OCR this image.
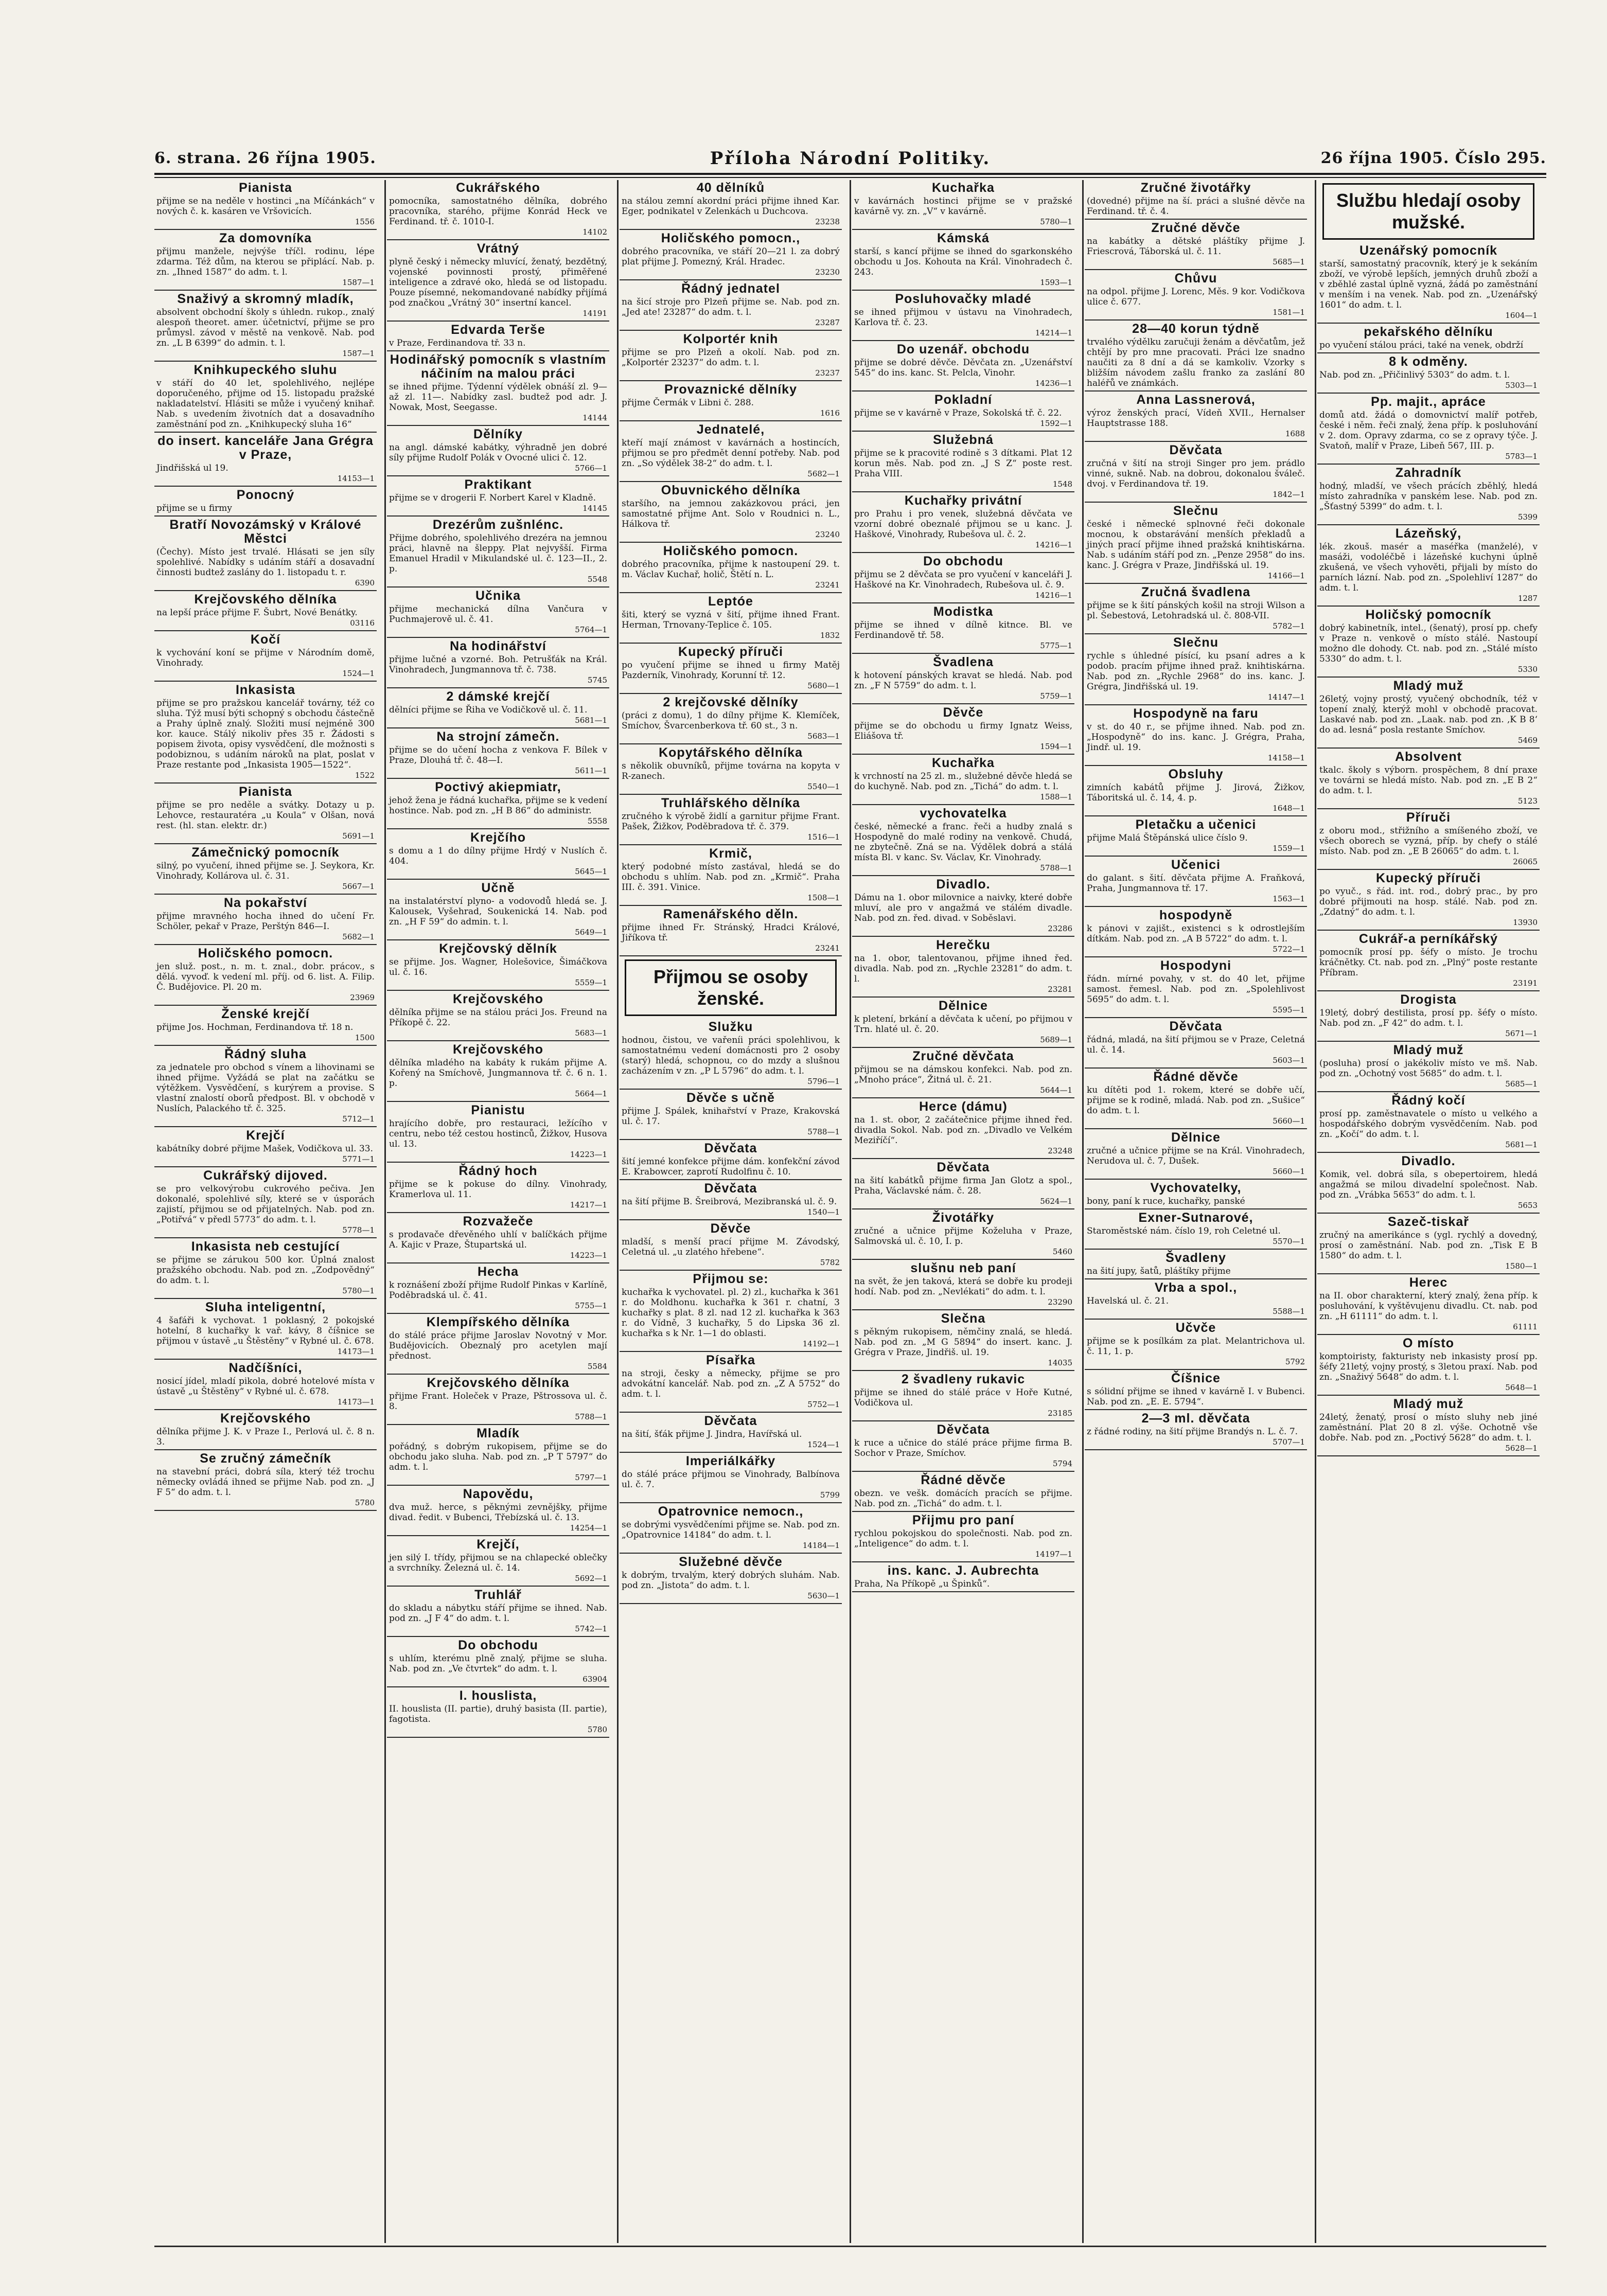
6. strana. 26 října 1905.	Příloha Národní Politiky.	26 října 1905. Číslo 295.
Pianista

přijme se na neděle v hostinci „na Míčánkách“ v nových č. k. kasáren ve Vršovicích.

1556
Za domovníka

přijmu manžele, nejvýše tříčl. rodinu, lépe zdarma. Též dům, na kterou se připlácí. Nab. p. zn. „Ihned 1587“ do adm. t. l.

1587—1
Snaživý a skromný mladík,

absolvent obchodní školy s úhledn. rukop., znalý alespoň theoret. amer. účetnictví, přijme se pro průmysl. závod v městě na venkově. Nab. pod zn. „L B 6399“ do admin. t. l.

1587—1
Knihkupeckého sluhu

v stáří do 40 let, spolehlivého, nejlépe doporučeného, přijme od 15. listopadu pražské nakladatelství. Hlásiti se může i vyučený knihař. Nab. s uvedením životních dat a dosavadního zaměstnání pod zn. „Knihkupecký sluha 16“

do insert. kanceláře Jana Grégra v Praze,

Jindřišská ul 19.

14153—1
Ponocný

přijme se u firmy

Bratří Novozámský v Králové Městci

(Čechy). Místo jest trvalé. Hlásati se jen síly spolehlivé. Nabídky s udáním stáří a dosavadní činnosti budtež zaslány do 1. listopadu t. r.

6390
Krejčovského dělníka

na lepší práce přijme F. Šubrt, Nové Benátky.

03116
Kočí

k vychování koní se přijme v Národním domě, Vinohrady.

1524—1
Inkasista

přijme se pro pražskou kancelář továrny, též co sluha. Týž musí býti schopný s obchodu částečně a Prahy úplně znalý. Složiti musí nejméně 300 kor. kauce. Stálý nikoliv přes 35 r. Žádosti s popisem života, opisy vysvědčení, dle možnosti s podobiznou, s udáním nároků na plat, poslat v Praze restante pod „Inkasista 1905—1522“.

1522
Pianista

přijme se pro neděle a svátky. Dotazy u p. Lehovce, restauratéra „u Koula“ v Olšan, nová rest. (hl. stan. elektr. dr.)

5691—1
Zámečnický pomocník

silný, po vyučení, ihned přijme se. J. Seykora, Kr. Vinohrady, Kollárova ul. č. 31.

5667—1
Na pokařství

přijme mravného hocha ihned do učení Fr. Schöler, pekař v Praze, Perštýn 846—I.

5682—1
Holičského pomocn.

jen služ. post., n. m. t. znal., dobr. prácov., s dělá. vyvoď. k vedení ml. příj. od 6. list. A. Filip. Č. Budějovice. Pl. 20 m.

23969
Ženské krejčí

přijme Jos. Hochman, Ferdinandova tř. 18 n.

1500
Řádný sluha

za jednatele pro obchod s vínem a lihovinami se ihned přijme. Vyžádá se plat na začátku se výtěžkem. Vysvědčení, s kurýrem a provise. S vlastní znalostí oborů předpost. Bl. v obchodě v Nuslích, Palackého tř. č. 325.

5712—1
Krejčí

kabátníky dobré přijme Mašek, Vodičkova ul. 33.

5771—1
Cukrářský dijoved.

se pro velkovýrobu cukrového pečiva. Jen dokonalé, spolehlivé síly, které se v úsporách zajistí, přijmou se od přijatelných. Nab. pod zn. „Potiřvá“ v předl 5773“ do adm. t. l.

5778—1
Inkasista neb cestující

se přijme se zárukou 500 kor. Úplná znalost pražského obchodu. Nab. pod zn. „Zodpovědný“ do adm. t. l.

5780—1
Sluha inteligentní,

4 šafáři k vychovat. 1 poklasný, 2 pokojské hotelní, 8 kuchařky k vař. kávy, 8 číšnice se přijmou v ústavě „u Štěstěny“ v Rybné ul. č. 678.

14173—1
Nadčíšníci,

nosicí jídel, mladí pikola, dobré hotelové místa v ústavě „u Štěstěny“ v Rybné ul. č. 678.

14173—1
Krejčovského

dělníka přijme J. K. v Praze I., Perlová ul. č. 8 n. 3.

Se zručný zámečník

na stavební práci, dobrá síla, který též trochu německy ovládá ihned se přijme Nab. pod zn. „J F 5“ do adm. t. l.

5780
Cukrářského

pomocníka, samostatného dělníka, dobrého pracovníka, starého, přijme Konrád Heck ve Ferdinand. tř. č. 1010-I.

14102
Vrátný

plyně český i německy mluvící, ženatý, bezdětný, vojenské povinnosti prostý, přiměřené inteligence a zdravé oko, hledá se od listopadu. Pouze písemné, nekomandované nabídky přijímá pod značkou „Vrátný 30“ insertní kancel.

14191
Edvarda Terše

v Praze, Ferdinandova tř. 33 n.

Hodinářský pomocník s vlastním náčiním na malou práci

se ihned přijme. Týdenní výdělek obnáší zl. 9— až zl. 11—. Nabídky zasl. budtež pod adr. J. Nowak, Most, Seegasse.

14144
Dělníky

na angl. dámské kabátky, výhradně jen dobré síly přijme Rudolf Polák v Ovocné ulici č. 12.

5766—1
Praktikant

přijme se v drogerii F. Norbert Karel v Kladně.

14145
Drezérům zušnlénc.

Přijme dobrého, spolehlivého drezéra na jemnou práci, hlavně na šleppy. Plat nejvyšší. Firma Emanuel Hradil v Mikulandské ul. č. 123—II., 2. p.

5548
Učnika

přijme mechanická dílna Vančura v Puchmajerově ul. č. 41.

5764—1
Na hodinářství

přijme lučné a vzorné. Boh. Petrušťák na Král. Vinohradech, Jungmannova tř. č. 738.

5745
2 dámské krejčí

dělníci přijme se Řiha ve Vodičkově ul. č. 11.

5681—1
Na strojní zámečn.

přijme se do učení hocha z venkova F. Bílek v Praze, Dlouhá tř. č. 48—I.

5611—1
Poctivý akiepmiatr,

jehož žena je řádná kuchařka, přijme se k vedení hostince. Nab. pod zn. „H B 86“ do administr.

5558
Krejčího

s domu a 1 do dílny přijme Hrdý v Nuslích č. 404.

5645—1
Učně

na instalatérství plyno- a vodovodů hledá se. J. Kalousek, Vyšehrad, Soukenická 14. Nab. pod zn. „H F 59“ do admin. t. l.

5649—1
Krejčovský dělník

se přijme. Jos. Wagner, Holešovice, Šimáčkova ul. č. 16.

5559—1
Krejčovského

dělníka přijme se na stálou práci Jos. Freund na Příkopě č. 22.

5683—1
Krejčovského

dělníka mladého na kabáty k rukám přijme A. Kořený na Smíchově, Jungmannova tř. č. 6 n. 1. p.

5664—1
Pianistu

hrajícího dobře, pro restauraci, ležícího v centru, nebo též cestou hostinců, Žižkov, Husova ul. 13.

14223—1
Řádný hoch

přijme se k pokuse do dílny. Vinohrady, Kramerlova ul. 11.

14217—1
Rozvažeče

s prodavače dřevěného uhlí v balíčkách přijme A. Kajic v Praze, Štupartská ul.

14223—1
Hecha

k roznášení zboží přijme Rudolf Pinkas v Karlíně, Poděbradská ul. č. 41.

5755—1
Klempířského dělníka

do stálé práce přijme Jaroslav Novotný v Mor. Budějovicích. Obeznalý pro acetylen mají přednost.

5584
Krejčovského dělníka

přijme Frant. Holeček v Praze, Pštrossova ul. č. 8.

5788—1
Mladík

pořádný, s dobrým rukopisem, přijme se do obchodu jako sluha. Nab. pod zn. „P T 5797“ do adm. t. l.

5797—1
Napovědu,

dva muž. herce, s pěknými zevnějšky, přijme divad. ředit. v Bubenci, Třebízská ul. č. 13.

14254—1
Krejčí,

jen silý I. třídy, přijmou se na chlapecké oblečky a svrchníky. Železná ul. č. 14.

5692—1
Truhlář

do skladu a nábytku stáří přijme se ihned. Nab. pod zn. „J F 4“ do adm. t. l.

5742—1
Do obchodu

s uhlím, kterému plně znalý, přijme se sluha. Nab. pod zn. „Ve čtvrtek“ do adm. t. l.

63904
I. houslista,

II. houslista (II. partie), druhý basista (II. partie), fagotista.

5780
40 dělníků

na stálou zemní akordní práci přijme ihned Kar. Eger, podnikatel v Zelenkách u Duchcova.

23238
Holičského pomocn.,

dobrého pracovníka, ve stáří 20—21 l. za dobrý plat přijme J. Pomezný, Král. Hradec.

23230
Řádný jednatel

na šicí stroje pro Plzeň přijme se. Nab. pod zn. „Jed ate! 23287“ do adm. t. l.

23287
Kolportér knih

přijme se pro Plzeň a okolí. Nab. pod zn. „Kolportér 23237“ do adm. t. l.

23237
Provaznické dělníky

přijme Čermák v Libni č. 288.

1616
Jednatelé,

kteří mají známost v kavárnách a hostincích, přijmou se pro předmět denní potřeby. Nab. pod zn. „So výdělek 38-2“ do adm. t. l.

5682—1
Obuvnického dělníka

staršího, na jemnou zakázkovou práci, jen samostatné přijme Ant. Solo v Roudnici n. L., Hálkova tř.

23240
Holičského pomocn.

dobrého pracovníka, přijme k nastoupení 29. t. m. Václav Kuchař, holič, Štětí n. L.

23241
Leptóe

šiti, který se vyzná v šití, přijme ihned Frant. Herman, Trnovany-Teplice č. 105.

1832
Kupecký příruči

po vyučení přijme se ihned u firmy Matěj Pazderník, Vinohrady, Korunní tř. 12.

5680—1
2 krejčovské dělníky

(práci z domu), 1 do dílny přijme K. Klemíček, Smíchov, Švarcenberkova tř. 60 st., 3 n.

5683—1
Kopytářského dělníka

s několik obuvníků, přijme továrna na kopyta v R-zanech.

5540—1
Truhlářského dělníka

zručného k výrobě židlí a garnitur přijme Frant. Pašek, Žižkov, Poděbradova tř. č. 379.

1516—1
Krmič,

který podobné místo zastával, hledá se do obchodu s uhlím. Nab. pod zn. „Krmič“. Praha III. č. 391. Vinice.

1508—1
Ramenářského děln.

přijme ihned Fr. Stránský, Hradci Králové, Jiříkova tř.

23241
Přijmou se osoby ženské.
Služku

hodnou, čistou, ve vařeníi práci spolehlivou, k samostatnému vedení domácnosti pro 2 osoby (starý) hledá, schopnou, co do mzdy a slušnou zacházením v zn. „P L 5796“ do adm. t. l.

5796—1
Děvče s učně

přijme J. Spálek, knihařství v Praze, Krakovská ul. č. 17.

5788—1
Děvčata

šití jemné konfekce přijme dám. konfekční závod E. Krabowcer, zaprotí Rudolfinu č. 10.

Děvčata

na šití přijme B. Šreibrová, Mezibranská ul. č. 9.

1540—1
Děvče

mladší, s menší prací přijme M. Závodský, Celetná ul. „u zlatého hřebene“.

5782
Přijmou se:

kuchařka k vychovatel. pl. 2) zl., kuchařka k 361 r. do Moldhonu. kuchařka k 361 r. chatní, 3 kuchařky s plat. 8 zl. nad 12 zl. kuchařka k 363 r. do Vídně, 3 kuchařky, 5 do Lipska 36 zl. kuchařka s k Nr. 1—1 do oblasti.

14192—1
Písařka

na stroji, česky a německy, přijme se pro advokátní kancelář. Nab. pod zn. „Z A 5752“ do adm. t. l.

5752—1
Děvčata

na šití, šťák přijme J. Jindra, Havířská ul.

1524—1
Imperiálkářky

do stálé práce přijmou se Vinohrady, Balbínova ul. č. 7.

5799
Opatrovnice nemocn.,

se dobrými vysvědčeními přijme se. Nab. pod zn. „Opatrovnice 14184“ do adm. t. l.

14184—1
Služebné děvče

k dobrým, trvalým, který dobrých sluhám. Nab. pod zn. „Jistota“ do adm. t. l.

5630—1
Kuchařka

v kavárnách hostinci přijme se v pražské kavárně vy. zn. „V“ v kavárně.

5780—1
Kámská

starší, s kancí přijme se ihned do sgarkonského obchodu u Jos. Kohouta na Král. Vinohradech č. 243.

1593—1
Posluhovačky mladé

se ihned přijmou v ústavu na Vinohradech, Karlova tř. č. 23.

14214—1
Do uzenář. obchodu

přijme se dobré děvče. Děvčata zn. „Uzenářství 545“ do ins. kanc. St. Pelcla, Vinohr.

14236—1
Pokladní

přijme se v kavárně v Praze, Sokolská tř. č. 22.

1592—1
Služebná

přijme se k pracovité rodině s 3 dítkami. Plat 12 korun měs. Nab. pod zn. „J S Z“ poste rest. Praha VIII.

1548
Kuchařky privátní

pro Prahu i pro venek, služebná děvčata ve vzorní dobré obeznalé přijmou se u kanc. J. Haškové, Vinohrady, Rubešova ul. č. 2.

14216—1
Do obchodu

přijmu se 2 děvčata se pro vyučení v kanceláři J. Haškové na Kr. Vinohradech, Rubešova ul. č. 9.

14216—1
Modistka

přijme se ihned v dílně kitnce. Bl. ve Ferdinandově tř. 58.

5775—1
Švadlena

k hotovení pánských kravat se hledá. Nab. pod zn. „F N 5759“ do adm. t. l.

5759—1
Děvče

přijme se do obchodu u firmy Ignatz Weiss, Eliášova tř.

1594—1
Kuchařka

k vrchností na 25 zl. m., služebné děvče hledá se do kuchyně. Nab. pod zn. „Tichá“ do adm. t. l.

1588—1
vychovatelka

české, německé a franc. řeči a hudby znalá s Hospodyně do malé rodiny na venkově. Chudá, ne zbytečně. Zná se na. Výdělek dobrá a stálá místa Bl. v kanc. Sv. Václav, Kr. Vinohrady.

5788—1
Divadlo.

Dámu na 1. obor milovnice a naivky, které dobře mluví, ale pro v angažmá ve stálém divadle. Nab. pod zn. řed. divad. v Soběslavi.

23286
Herečku

na 1. obor, talentovanou, přijme ihned řed. divadla. Nab. pod zn. „Rychle 23281“ do adm. t. l.

23281
Dělnice

k pletení, brkání a děvčata k učení, po přijmou v Trn. hlaté ul. č. 20.

5689—1
Zručné děvčata

přijmou se na dámskou konfekci. Nab. pod zn. „Mnoho práce“, Žitná ul. č. 21.

5644—1
Herce (dámu)

na 1. st. obor, 2 začátečnice přijme ihned řed. divadla Sokol. Nab. pod zn. „Divadlo ve Velkém Meziříčí“.

23248
Děvčata

na šití kabátků přijme firma Jan Glotz a spol., Praha, Václavské nám. č. 28.

5624—1
Životářky

zručné a učnice přijme Koželuha v Praze, Salmovská ul. č. 10, I. p.

5460
slušnu neb paní

na svět, že jen taková, která se dobře ku prodeji hodí. Nab. pod zn. „Nevlékati“ do adm. t. l.

23290
Slečna

s pěkným rukopisem, němčiny znalá, se hledá. Nab. pod zn. „M G 5894“ do insert. kanc. J. Grégra v Praze, Jindřiš. ul. 19.

14035
2 švadleny rukavic

přijme se ihned do stálé práce v Hoře Kutné, Vodičkova ul.

23185
Děvčata

k ruce a učnice do stálé práce přijme firma B. Sochor v Praze, Smíchov.

5794
Řádné děvče

obezn. ve vešk. domácích pracích se přijme. Nab. pod zn. „Tichá“ do adm. t. l.

Přijmu pro paní

rychlou pokojskou do společnosti. Nab. pod zn. „Inteligence“ do adm. t. l.

14197—1
ins. kanc. J. Aubrechta

Praha, Na Příkopě „u Špinků“.

Zručné životářky

(dovedné) přijme na ší. práci a slušné děvče na Ferdinand. tř. č. 4.

Zručné děvče

na kabátky a dětské pláštíky přijme J. Friescrová, Táborská ul. č. 11.

5685—1
Chůvu

na odpol. přijme J. Lorenc, Měs. 9 kor. Vodičkova ulice č. 677.

1581—1
28—40 korun týdně

trvalého výdělku zaručuji ženám a děvčatům, jež chtějí by pro mne pracovati. Práci lze snadno naučiti za 8 dní a dá se kamkoliv. Vzorky s bližším návodem zašlu franko za zaslání 80 haléřů ve známkách.

Anna Lassnerová,

výroz ženských prací, Vídeň XVII., Hernalser Hauptstrasse 188.

1688
Děvčata

zručná v šití na stroji Singer pro jem. prádlo vinné, sukně. Nab. na dobrou, dokonalou šváleč. dvoj. v Ferdinandova tř. 19.

1842—1
Slečnu

české i německé splnovné řeči dokonale mocnou, k obstarávání menších překladů a jiných prací přijme ihned pražská knihtiskárna. Nab. s udáním stáří pod zn. „Penze 2958“ do ins. kanc. J. Grégra v Praze, Jindřišská ul. 19.

14166—1
Zručná švadlena

přijme se k šití pánských košil na stroji Wilson a pl. Šebestová, Letohradská ul. č. 808-VII.

5782—1
Slečnu

rychle s úhledné písící, ku psaní adres a k podob. pracím přijme ihned praž. knihtiskárna. Nab. pod zn. „Rychle 2968“ do ins. kanc. J. Grégra, Jindřišská ul. 19.

14147—1
Hospodyně na faru

v st. do 40 r., se přijme ihned. Nab. pod zn. „Hospodyně“ do ins. kanc. J. Grégra, Praha, Jindř. ul. 19.

14158—1
Obsluhy

zimních kabátů přijme J. Jirová, Žižkov, Táboritská ul. č. 14, 4. p.

1648—1
Pletačku a učenici

přijme Malá Štěpánská ulice číslo 9.

1559—1
Učenici

do galant. s šití. děvčata přijme A. Fraňková, Praha, Jungmannova tř. 17.

1563—1
hospodyně

k pánovi v zajišt., existenci s k odrostlejším dítkám. Nab. pod zn. „A B 5722“ do adm. t. l.

5722—1
Hospodyni

řádn. mírné povahy, v st. do 40 let, přijme samost. řemesl. Nab. pod zn. „Spolehlivost 5695“ do adm. t. l.

5595—1
Děvčata

řádná, mladá, na šití přijmou se v Praze, Celetná ul. č. 14.

5603—1
Řádné děvče

ku dítěti pod 1. rokem, které se dobře učí, přijme se k rodině, mladá. Nab. pod zn. „Sušice“ do adm. t. l.

5660—1
Dělnice

zručné a učnice přijme se na Král. Vinohradech, Nerudova ul. č. 7, Dušek.

5660—1
Vychovatelky,

bony, paní k ruce, kuchařky, panské

Exner-Sutnarové,

Staroměstské nám. číslo 19, roh Celetné ul.

5570—1
Švadleny

na šití jupy, šatů, pláštíky přijme

Vrba a spol.,

Havelská ul. č. 21.

5588—1
Učvče

přijme se k posílkám za plat. Melantrichova ul. č. 11, 1. p.

5792
Číšnice

s sólidní přijme se ihned v kavárně I. v Bubenci. Nab. pod zn. „E. E. 5794“.

2—3 ml. děvčata

z řádné rodiny, na šití přijme Brandýs n. L. č. 7.

5707—1
Službu hledají osoby mužské.
Uzenářský pomocník

starší, samostatný pracovník, který je k sekáním zboží, ve výrobě lepších, jemných druhů zboží a v zběhlé zastal úplně vyzná, žádá po zaměstnání v menším i na venek. Nab. pod zn. „Uzenářský 1601“ do adm. t. l.

1604—1
pekařského dělníku

po vyučení stálou práci, také na venek, obdrží

8 k odměny.

Nab. pod zn. „Přičinlivý 5303“ do adm. t. l.

5303—1
Pp. majit., apráce

domů atd. žádá o domovnictví malíř potřeb, české i něm. řeči znalý, žena příp. k posluhování v 2. dom. Opravy zdarma, co se z opravy týče. J. Svatoň, malíř v Praze, Libeň 567, III. p.

5783—1
Zahradník

hodný, mladší, ve všech prácích zběhlý, hledá místo zahradníka v panském lese. Nab. pod zn. „Šťastný 5399“ do adm. t. l.

5399
Lázeňský,

lék. zkouš. masér a maséřka (manželé), v masáži, vodoléčbě i lázeňské kuchyni úplně zkušená, ve všech vyhověti, přijali by místo do parních lázní. Nab. pod zn. „Spolehliví 1287“ do adm. t. l.

1287
Holičský pomocník

dobrý kabinetník, intel., (šenatý), prosí pp. chefy v Praze n. venkově o místo stálé. Nastoupí možno dle dohody. Ct. nab. pod zn. „Stálé místo 5330“ do adm. t. l.

5330
Mladý muž

26letý, vojny prostý, vyučený obchodník, též v topení znalý, kterýž mohl v obchodě pracovat. Laskavé nab. pod zn. „Laak. nab. pod zn. ‚K B 8‘ do ad. lesná“ posla restante Smíchov.

5469
Absolvent

tkalc. školy s výborn. prospěchem, 8 dní praxe ve továrni se hledá místo. Nab. pod zn. „E B 2“ do adm. t. l.

5123
Příruči

z oboru mod., střižního a smíšeného zboží, ve všech oborech se vyzná, příp. by chefy o stálé místo. Nab. pod zn. „E B 26065“ do adm. t. l.

26065
Kupecký příruči

po vyuč., s řád. int. rod., dobrý prac., by pro dobré přijmouti na hosp. stálé. Nab. pod zn. „Zdatný“ do adm. t. l.

13930
Cukrář-a perníkářský

pomocník prosí pp. šéfy o místo. Je trochu kráčnětky. Ct. nab. pod zn. „Plný“ poste restante Příbram.

23191
Drogista

19letý, dobrý destilista, prosí pp. šéfy o místo. Nab. pod zn. „F 42“ do adm. t. l.

5671—1
Mladý muž

(posluha) prosí o jakékoliv místo ve mš. Nab. pod zn. „Ochotný vost 5685“ do adm. t. l.

5685—1
Řádný kočí

prosí pp. zaměstnavatele o místo u velkého a hospodářského dobrým vysvědčením. Nab. pod zn. „Kočí“ do adm. t. l.

5681—1
Divadlo.

Komik, vel. dobrá síla, s obepertoirem, hledá angažmá se milou divadelní společnost. Nab. pod zn. „Vrábka 5653“ do adm. t. l.

5653
Sazeč-tiskař

zručný na amerikánce s (ygl. rychlý a dovedný, prosí o zaměstnání. Nab. pod zn. „Tisk E B 1580“ do adm. t. l.

1580—1
Herec

na II. obor charakterní, který znalý, žena příp. k posluhování, k vyštěvujenu divadlu. Ct. nab. pod zn. „H 61111“ do adm. t. l.

61111
O místo

komptoiristy, fakturisty neb inkasisty prosí pp. šéfy 21letý, vojny prostý, s 3letou praxí. Nab. pod zn. „Snaživý 5648“ do adm. t. l.

5648—1
Mladý muž

24letý, ženatý, prosí o místo sluhy neb jiné zaměstnání. Plat 20 8 zl. výše. Ochotně vše dobře. Nab. pod zn. „Poctivý 5628“ do adm. t. l.

5628—1
